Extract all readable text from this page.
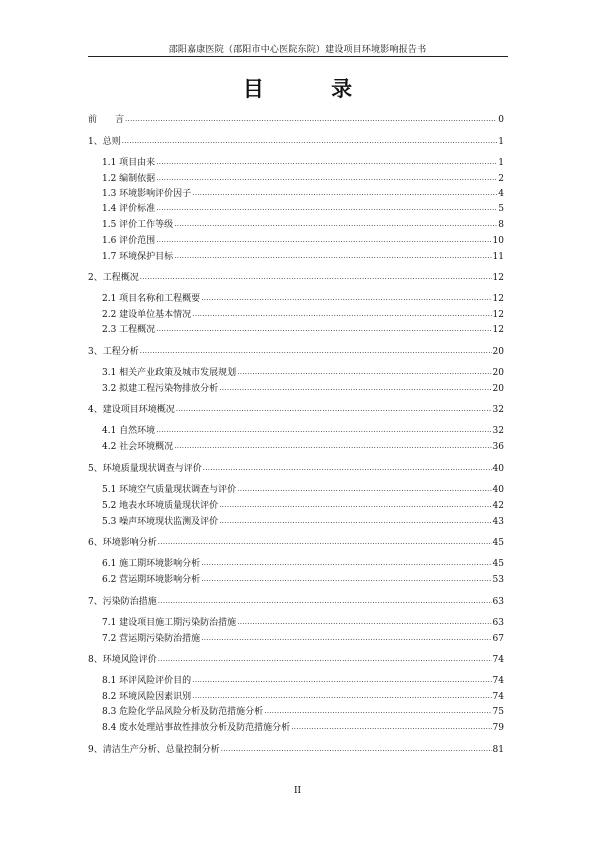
邵阳嘉康医院（邵阳市中心医院东院）建设项目环境影响报告书
目 录
前　　言 .....	0
1、总则 .....	1
1.1 项目由来 .....	1
1.2 编制依据 .....	2
1.3 环境影响评价因子 .....	4
1.4 评价标准 .....	5
1.5 评价工作等级 .....	8
1.6 评价范围 .....	10
1.7 环境保护目标 .....	11
2、工程概况 .....	12
2.1 项目名称和工程概要 .....	12
2.2 建设单位基本情况 .....	12
2.3 工程概况 .....	12
3、工程分析 .....	20
3.1 相关产业政策及城市发展规划 .....	20
3.2 拟建工程污染物排放分析 .....	20
4、建设项目环境概况 .....	32
4.1 自然环境 .....	32
4.2 社会环境概况 .....	36
5、环境质量现状调查与评价 .....	40
5.1 环境空气质量现状调查与评价 .....	40
5.2 地表水环境质量现状评价 .....	42
5.3 噪声环境现状监测及评价 .....	43
6、环境影响分析 .....	45
6.1 施工期环境影响分析 .....	45
6.2 营运期环境影响分析 .....	53
7、污染防治措施 .....	63
7.1 建设项目施工期污染防治措施 .....	63
7.2 营运期污染防治措施 .....	67
8、环境风险评价 .....	74
8.1 环评风险评价目的 .....	74
8.2 环境风险因素识别 .....	74
8.3 危险化学品风险分析及防范措施分析 .....	75
8.4 废水处理站事故性排放分析及防范措施分析 .....	79
9、清洁生产分析、总量控制分析 .....	81
II
